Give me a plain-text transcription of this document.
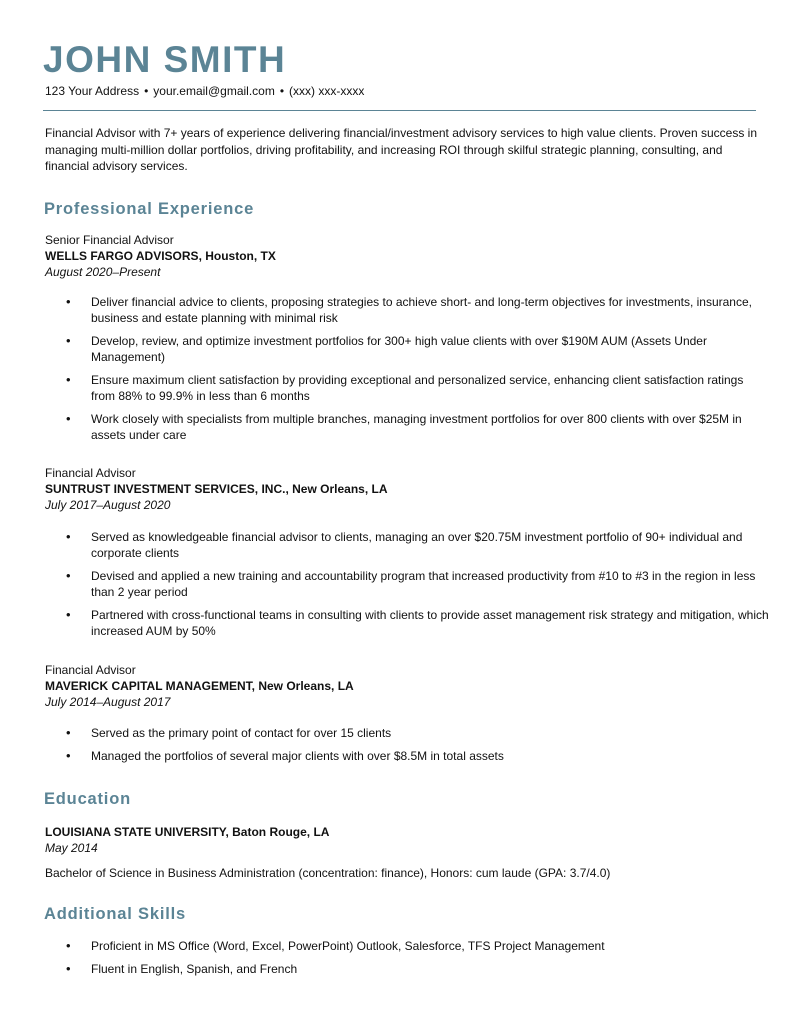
JOHN SMITH
123 Your Address • your.email@gmail.com • (xxx) xxx-xxxx

Financial Advisor with 7+ years of experience delivering financial/investment advisory services to high value clients. Proven success in managing multi-million dollar portfolios, driving profitability, and increasing ROI through skilful strategic planning, consulting, and financial advisory services.

Professional Experience
Senior Financial Advisor
WELLS FARGO ADVISORS, Houston, TX
August 2020–Present
• Deliver financial advice to clients, proposing strategies to achieve short- and long-term objectives for investments, insurance, business and estate planning with minimal risk
• Develop, review, and optimize investment portfolios for 300+ high value clients with over $190M AUM (Assets Under Management)
• Ensure maximum client satisfaction by providing exceptional and personalized service, enhancing client satisfaction ratings from 88% to 99.9% in less than 6 months
• Work closely with specialists from multiple branches, managing investment portfolios for over 800 clients with over $25M in assets under care
Financial Advisor
SUNTRUST INVESTMENT SERVICES, INC., New Orleans, LA
July 2017–August 2020
• Served as knowledgeable financial advisor to clients, managing an over $20.75M investment portfolio of 90+ individual and corporate clients
• Devised and applied a new training and accountability program that increased productivity from #10 to #3 in the region in less than 2 year period
• Partnered with cross-functional teams in consulting with clients to provide asset management risk strategy and mitigation, which increased AUM by 50%
Financial Advisor
MAVERICK CAPITAL MANAGEMENT, New Orleans, LA
July 2014–August 2017
• Served as the primary point of contact for over 15 clients
• Managed the portfolios of several major clients with over $8.5M in total assets
Education
LOUISIANA STATE UNIVERSITY, Baton Rouge, LA
May 2014
Bachelor of Science in Business Administration (concentration: finance), Honors: cum laude (GPA: 3.7/4.0)
Additional Skills
• Proficient in MS Office (Word, Excel, PowerPoint) Outlook, Salesforce, TFS Project Management
• Fluent in English, Spanish, and French
